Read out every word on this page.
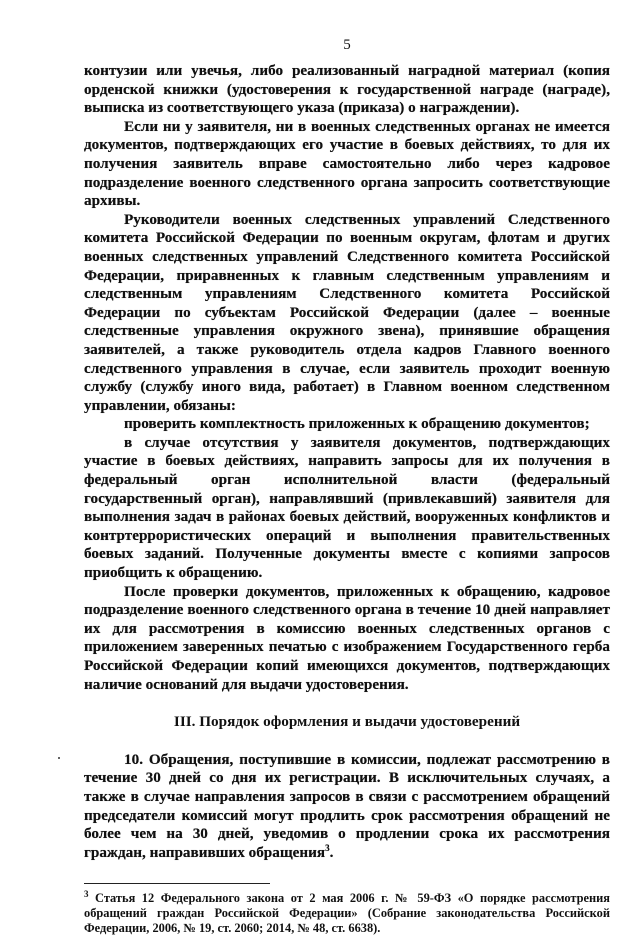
5

контузии или увечья, либо реализованный наградной материал (копия орденской книжки (удостоверения к государственной награде (награде), выписка из соответствующего указа (приказа) о награждении).

Если ни у заявителя, ни в военных следственных органах не имеется документов, подтверждающих его участие в боевых действиях, то для их получения заявитель вправе самостоятельно либо через кадровое подразделение военного следственного органа запросить соответствующие архивы.

Руководители военных следственных управлений Следственного комитета Российской Федерации по военным округам, флотам и других военных следственных управлений Следственного комитета Российской Федерации, приравненных к главным следственным управлениям и следственным управлениям Следственного комитета Российской Федерации по субъектам Российской Федерации (далее – военные следственные управления окружного звена), принявшие обращения заявителей, а также руководитель отдела кадров Главного военного следственного управления в случае, если заявитель проходит военную службу (службу иного вида, работает) в Главном военном следственном управлении, обязаны:

проверить комплектность приложенных к обращению документов;

в случае отсутствия у заявителя документов, подтверждающих участие в боевых действиях, направить запросы для их получения в федеральный орган исполнительной власти (федеральный государственный орган), направлявший (привлекавший) заявителя для выполнения задач в районах боевых действий, вооруженных конфликтов и контртеррористических операций и выполнения правительственных боевых заданий. Полученные документы вместе с копиями запросов приобщить к обращению.

После проверки документов, приложенных к обращению, кадровое подразделение военного следственного органа в течение 10 дней направляет их для рассмотрения в комиссию военных следственных органов с приложением заверенных печатью с изображением Государственного герба Российской Федерации копий имеющихся документов, подтверждающих наличие оснований для выдачи удостоверения.

III. Порядок оформления и выдачи удостоверений

10. Обращения, поступившие в комиссии, подлежат рассмотрению в течение 30 дней со дня их регистрации. В исключительных случаях, а также в случае направления запросов в связи с рассмотрением обращений председатели комиссий могут продлить срок рассмотрения обращений не более чем на 30 дней, уведомив о продлении срока их рассмотрения граждан, направивших обращения$^3$.

$^3$ Статья 12 Федерального закона от 2 мая 2006 г. № 59-ФЗ «О порядке рассмотрения обращений граждан Российской Федерации» (Собрание законодательства Российской Федерации, 2006, № 19, ст. 2060; 2014, № 48, ст. 6638).
